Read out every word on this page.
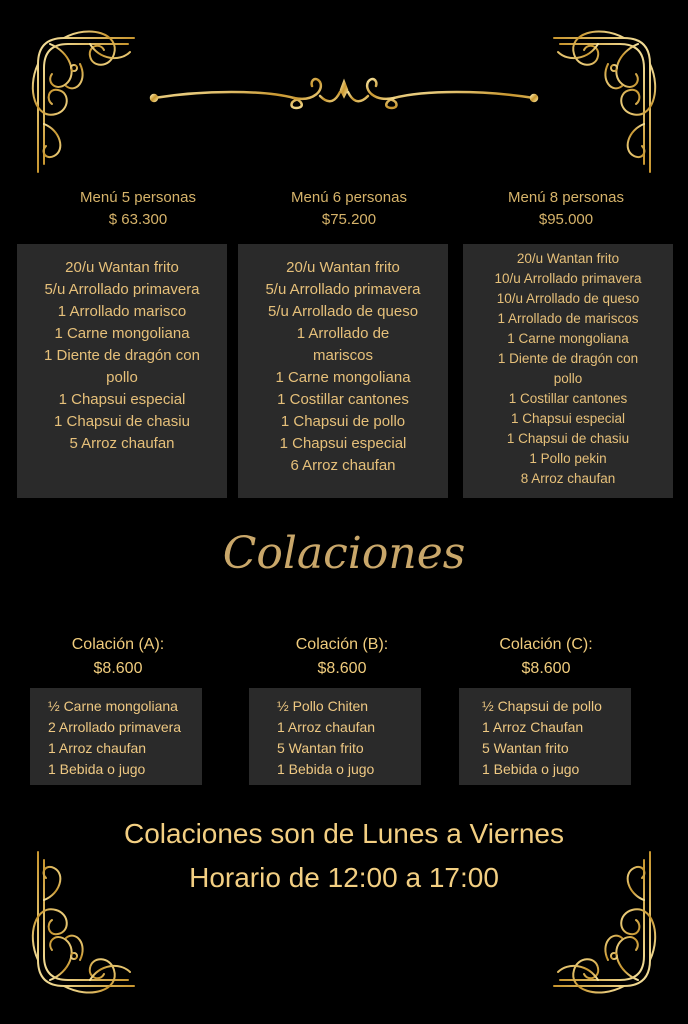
Menú 5 personas
$ 63.300
Menú 6 personas
$75.200
Menú 8 personas
$95.000
20/u Wantan frito
5/u Arrollado primavera
1 Arrollado marisco
1 Carne mongoliana
1 Diente de dragón con pollo
1 Chapsui especial
1 Chapsui de chasiu
5 Arroz chaufan
20/u Wantan frito
5/u Arrollado primavera
5/u Arrollado de queso
1 Arrollado de mariscos
1 Carne mongoliana
1 Costillar cantones
1 Chapsui de pollo
1 Chapsui especial
6 Arroz chaufan
20/u Wantan frito
10/u Arrollado primavera
10/u Arrollado de queso
1 Arrollado de mariscos
1 Carne mongoliana
1 Diente de dragón con pollo
1 Costillar cantones
1 Chapsui especial
1 Chapsui de chasiu
1 Pollo pekin
8 Arroz chaufan
Colaciones
Colación (A):
$8.600
Colación (B):
$8.600
Colación (C):
$8.600
½ Carne mongoliana
2 Arrollado primavera
1 Arroz chaufan
1 Bebida o jugo
½ Pollo Chiten
1 Arroz chaufan
5 Wantan frito
1 Bebida o jugo
½ Chapsui de pollo
1 Arroz Chaufan
5 Wantan frito
1 Bebida o jugo
Colaciones son de Lunes a Viernes
Horario de 12:00 a 17:00
